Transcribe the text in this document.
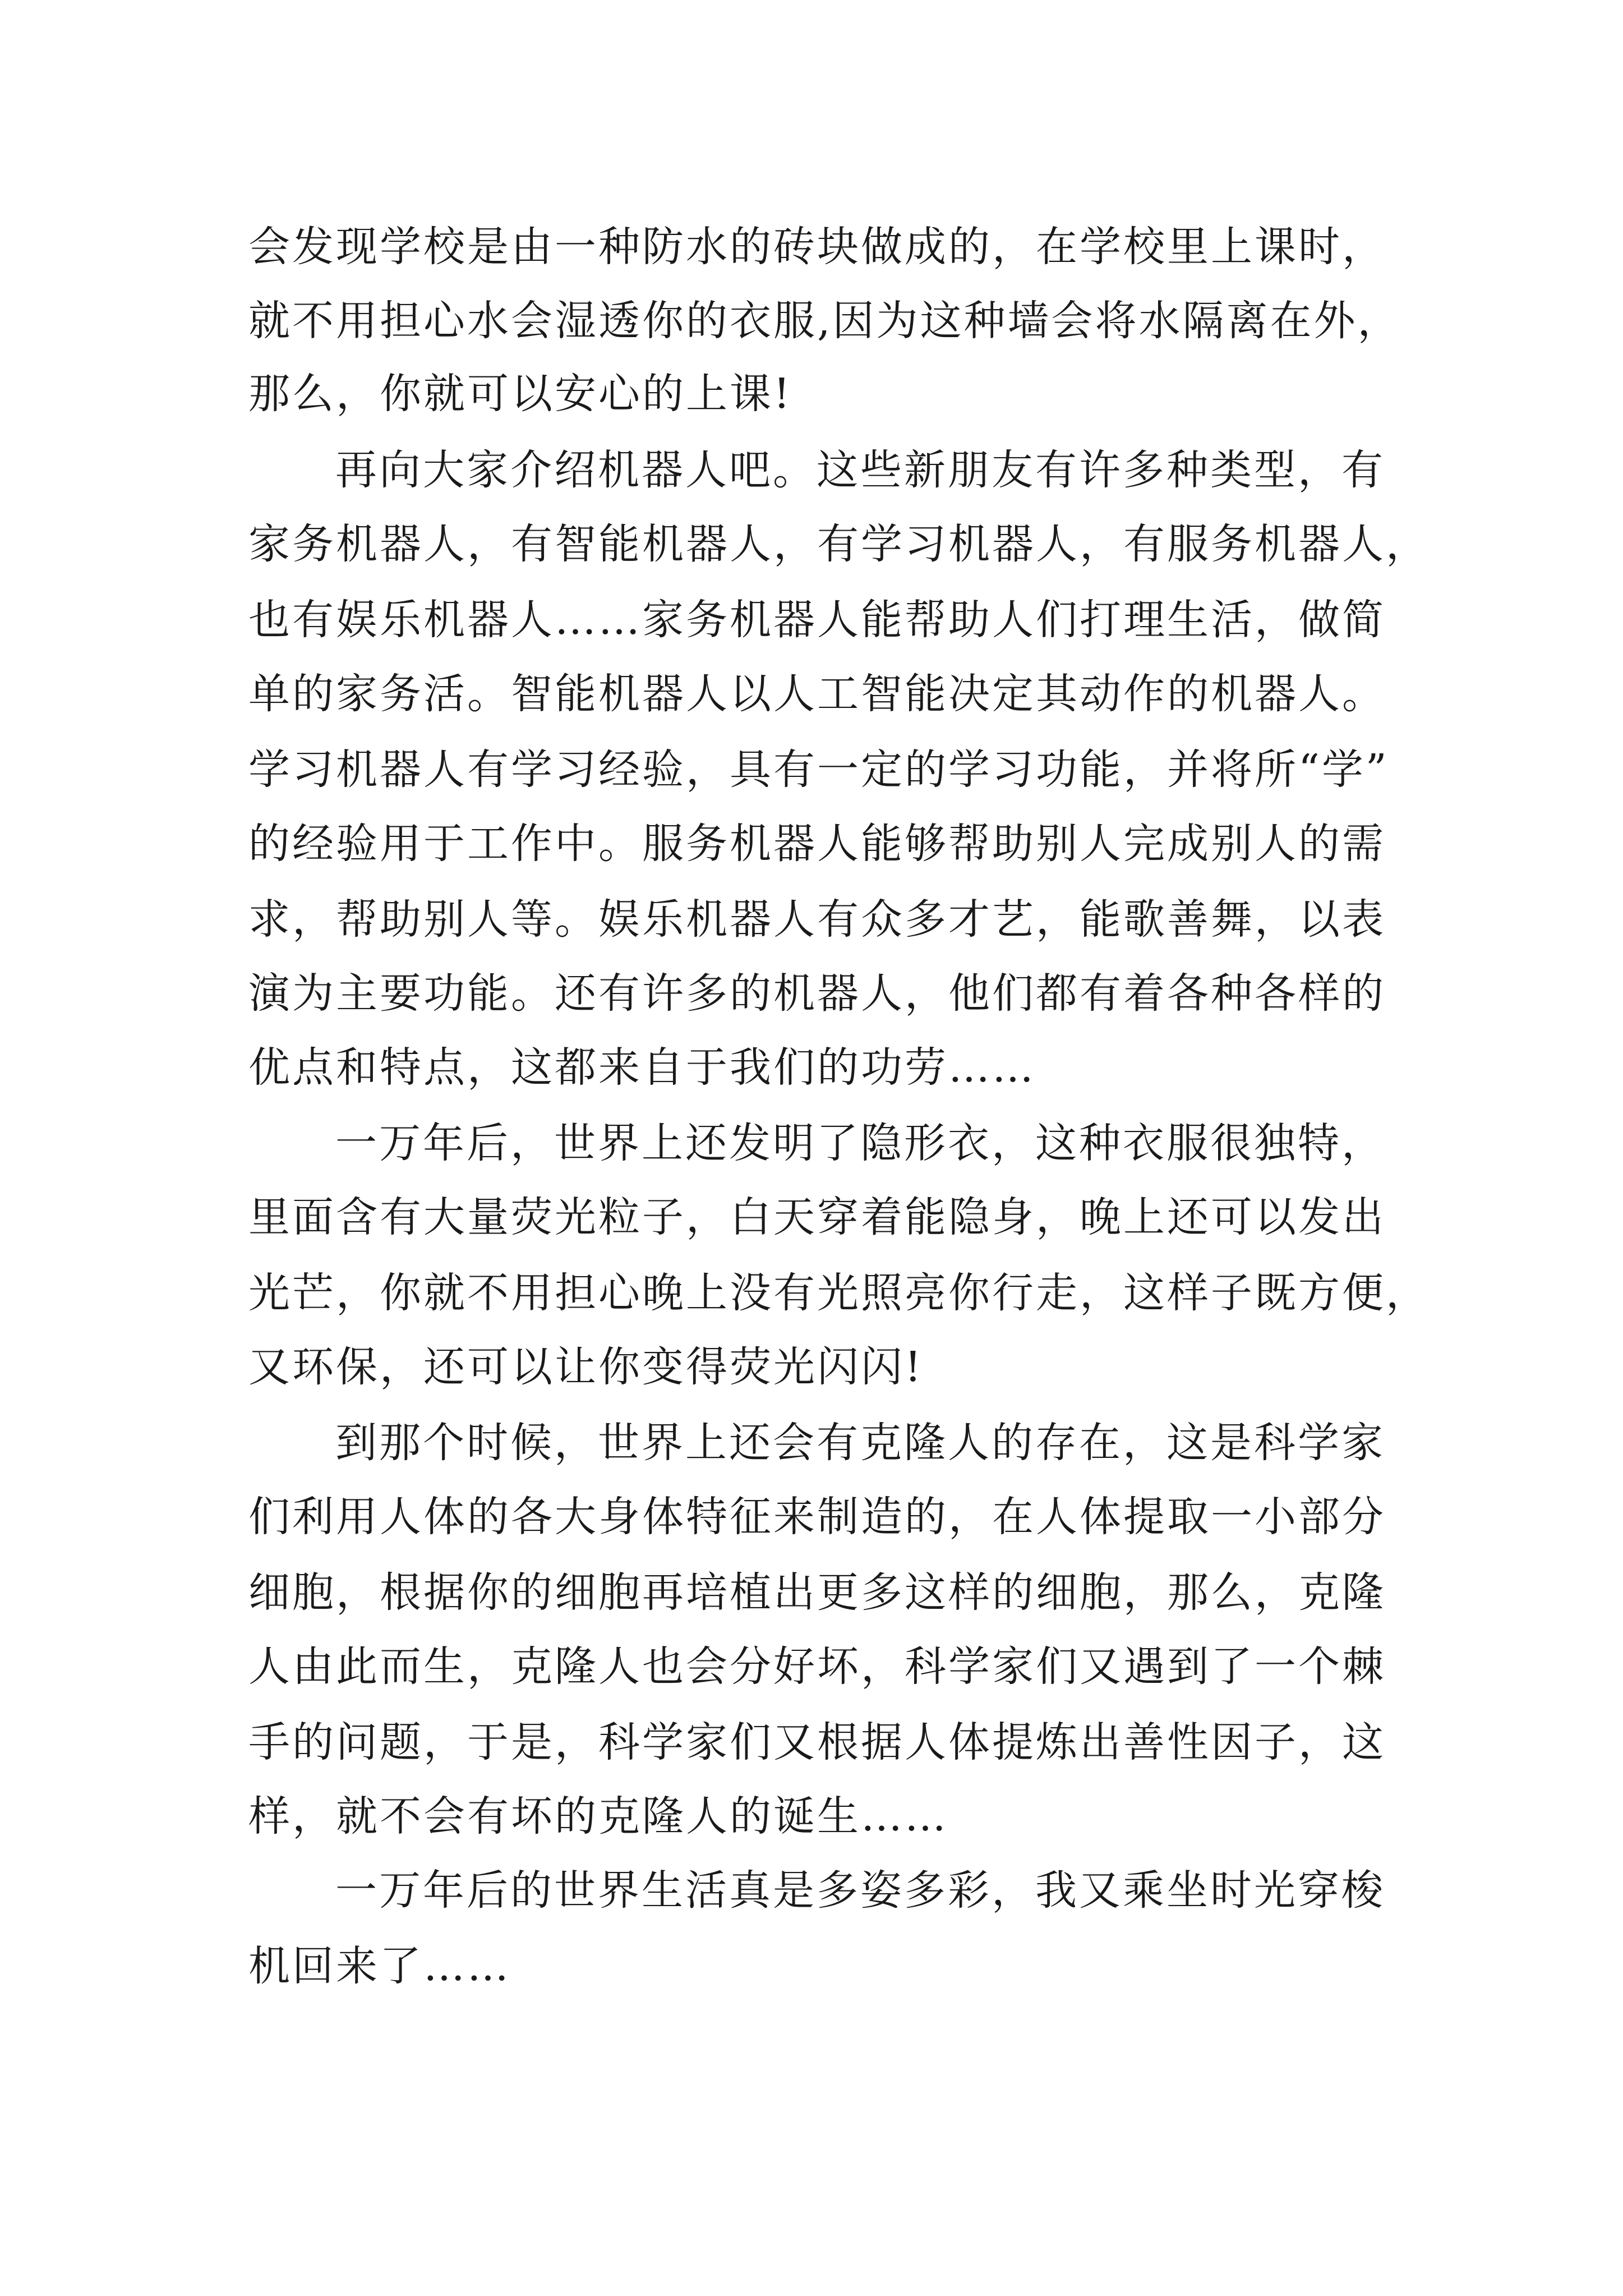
会发现学校是由一种防水的砖块做成的，在学校里上课时，
就不用担心水会湿透你的衣服,因为这种墙会将水隔离在外，
那么，你就可以安心的上课!
再向大家介绍机器人吧。这些新朋友有许多种类型，有
家务机器人，有智能机器人，有学习机器人，有服务机器人，
也有娱乐机器人……家务机器人能帮助人们打理生活，做简
单的家务活。智能机器人以人工智能决定其动作的机器人。
学习机器人有学习经验，具有一定的学习功能，并将所“学”
的经验用于工作中。服务机器人能够帮助别人完成别人的需
求，帮助别人等。娱乐机器人有众多才艺，能歌善舞，以表
演为主要功能。还有许多的机器人，他们都有着各种各样的
优点和特点，这都来自于我们的功劳……
一万年后，世界上还发明了隐形衣，这种衣服很独特，
里面含有大量荧光粒子，白天穿着能隐身，晚上还可以发出
光芒，你就不用担心晚上没有光照亮你行走，这样子既方便，
又环保，还可以让你变得荧光闪闪!
到那个时候，世界上还会有克隆人的存在，这是科学家
们利用人体的各大身体特征来制造的，在人体提取一小部分
细胞，根据你的细胞再培植出更多这样的细胞，那么，克隆
人由此而生，克隆人也会分好坏，科学家们又遇到了一个棘
手的问题，于是，科学家们又根据人体提炼出善性因子，这
样，就不会有坏的克隆人的诞生……
一万年后的世界生活真是多姿多彩，我又乘坐时光穿梭
机回来了……
